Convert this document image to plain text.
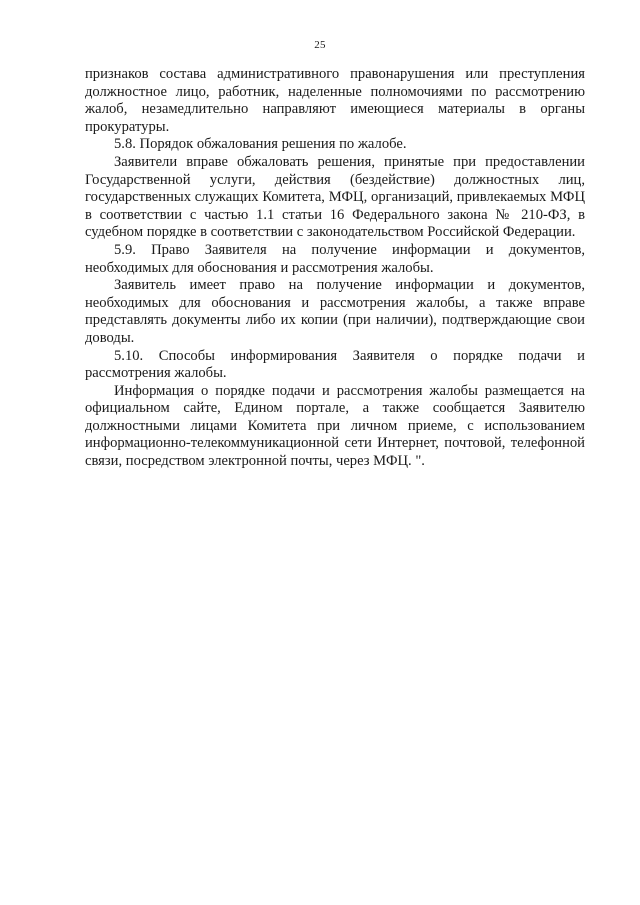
25

признаков состава административного правонарушения или преступления должностное лицо, работник, наделенные полномочиями по рассмотрению жалоб, незамедлительно направляют имеющиеся материалы в органы прокуратуры.

5.8. Порядок обжалования решения по жалобе.

Заявители вправе обжаловать решения, принятые при предоставлении Государственной услуги, действия (бездействие) должностных лиц, государственных служащих Комитета, МФЦ, организаций, привлекаемых МФЦ в соответствии с частью 1.1 статьи 16 Федерального закона № 210-ФЗ, в судебном порядке в соответствии с законодательством Российской Федерации.

5.9. Право Заявителя на получение информации и документов, необходимых для обоснования и рассмотрения жалобы.

Заявитель имеет право на получение информации и документов, необходимых для обоснования и рассмотрения жалобы, а также вправе представлять документы либо их копии (при наличии), подтверждающие свои доводы.

5.10. Способы информирования Заявителя о порядке подачи и рассмотрения жалобы.

Информация о порядке подачи и рассмотрения жалобы размещается на официальном сайте, Едином портале, а также сообщается Заявителю должностными лицами Комитета при личном приеме, с использованием информационно-телекоммуникационной сети Интернет, почтовой, телефонной связи, посредством электронной почты, через МФЦ. ".
